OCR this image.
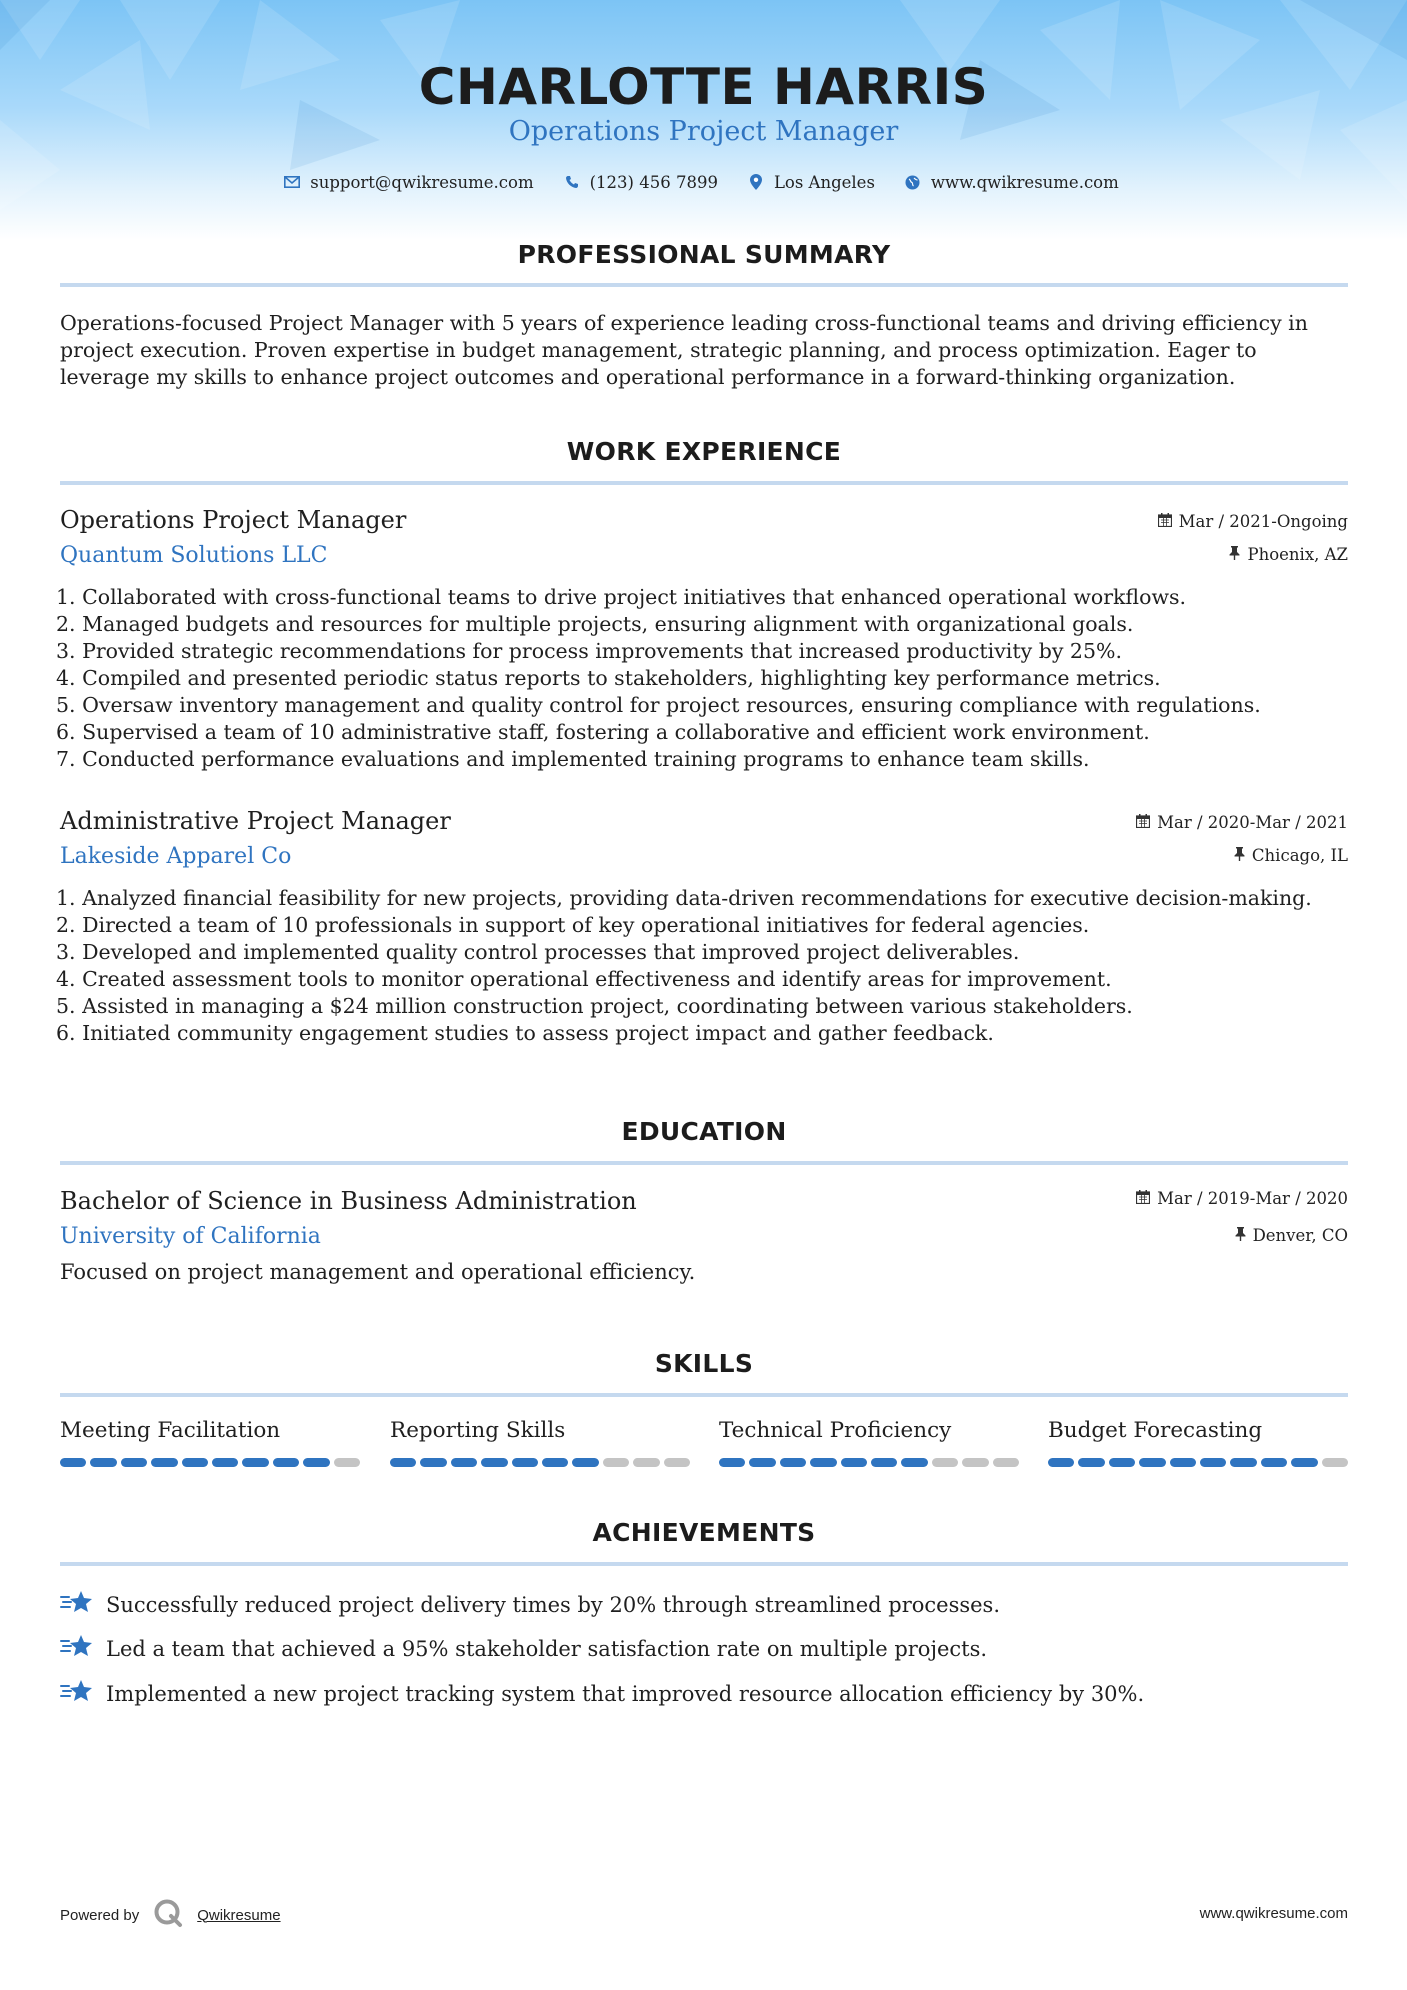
CHARLOTTE HARRIS
Operations Project Manager
support@qwikresume.com	(123) 456 7899	Los Angeles	www.qwikresume.com
PROFESSIONAL SUMMARY
Operations-focused Project Manager with 5 years of experience leading cross-functional teams and driving efficiency in project execution. Proven expertise in budget management, strategic planning, and process optimization. Eager to leverage my skills to enhance project outcomes and operational performance in a forward-thinking organization.
WORK EXPERIENCE
Operations Project Manager
Quantum Solutions LLC
Mar / 2021-Ongoing
Phoenix, AZ
1. Collaborated with cross-functional teams to drive project initiatives that enhanced operational workflows.
2. Managed budgets and resources for multiple projects, ensuring alignment with organizational goals.
3. Provided strategic recommendations for process improvements that increased productivity by 25%.
4. Compiled and presented periodic status reports to stakeholders, highlighting key performance metrics.
5. Oversaw inventory management and quality control for project resources, ensuring compliance with regulations.
6. Supervised a team of 10 administrative staff, fostering a collaborative and efficient work environment.
7. Conducted performance evaluations and implemented training programs to enhance team skills.
Administrative Project Manager
Lakeside Apparel Co
Mar / 2020-Mar / 2021
Chicago, IL
1. Analyzed financial feasibility for new projects, providing data-driven recommendations for executive decision-making.
2. Directed a team of 10 professionals in support of key operational initiatives for federal agencies.
3. Developed and implemented quality control processes that improved project deliverables.
4. Created assessment tools to monitor operational effectiveness and identify areas for improvement.
5. Assisted in managing a $24 million construction project, coordinating between various stakeholders.
6. Initiated community engagement studies to assess project impact and gather feedback.
EDUCATION
Bachelor of Science in Business Administration
University of California
Mar / 2019-Mar / 2020
Denver, CO
Focused on project management and operational efficiency.
SKILLS
Meeting Facilitation	Reporting Skills	Technical Proficiency	Budget Forecasting
ACHIEVEMENTS
Successfully reduced project delivery times by 20% through streamlined processes.
Led a team that achieved a 95% stakeholder satisfaction rate on multiple projects.
Implemented a new project tracking system that improved resource allocation efficiency by 30%.
Powered by	Qwikresume	www.qwikresume.com
